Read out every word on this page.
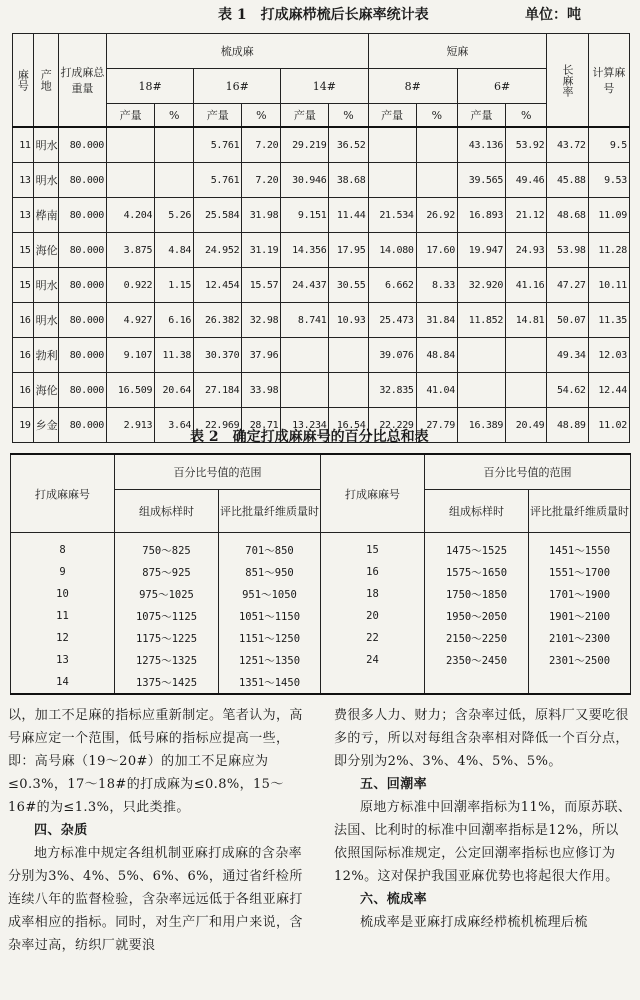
表 1　打成麻栉梳后长麻率统计表	单位：吨
麻号	产地	打成麻总重量	梳成麻						短麻				长麻率	计算麻号
			18#		16#		14#		8#		6#			
			产量	%	产量	%	产量	%	产量	%	产量	%		
11	明水	80.000			5.761	7.20	29.219	36.52			43.136	53.92	43.72	9.5
13	明水	80.000			5.761	7.20	30.946	38.68			39.565	49.46	45.88	9.53
13	桦南	80.000	4.204	5.26	25.584	31.98	9.151	11.44	21.534	26.92	16.893	21.12	48.68	11.09
15	海伦	80.000	3.875	4.84	24.952	31.19	14.356	17.95	14.080	17.60	19.947	24.93	53.98	11.28
15	明水	80.000	0.922	1.15	12.454	15.57	24.437	30.55	6.662	8.33	32.920	41.16	47.27	10.11
16	明水	80.000	4.927	6.16	26.382	32.98	8.741	10.93	25.473	31.84	11.852	14.81	50.07	11.35
16	勃利	80.000	9.107	11.38	30.370	37.96			39.076	48.84			49.34	12.03
16	海伦	80.000	16.509	20.64	27.184	33.98			32.835	41.04			54.62	12.44
19	乡金	80.000	2.913	3.64	22.969	28.71	13.234	16.54	22.229	27.79	16.389	20.49	48.89	11.02
表 2　确定打成麻麻号的百分比总和表
打成麻麻号	百分比号值的范围		打成麻麻号	百分比号值的范围	
	组成标样时	评比批量纤维质量时		组成标样时	评比批量纤维质量时
8	750～825	701～850	15	1475～1525	1451～1550
9	875～925	851～950	16	1575～1650	1551～1700
10	975～1025	951～1050	18	1750～1850	1701～1900
11	1075～1125	1051～1150	20	1950～2050	1901～2100
12	1175～1225	1151～1250	22	2150～2250	2101～2300
13	1275～1325	1251～1350	24	2350～2450	2301～2500
14	1375～1425	1351～1450			

以，加工不足麻的指标应重新制定。笔者认为，高号麻应定一个范围，低号麻的指标应提高一些，即：高号麻（19～20#）的加工不足麻应为≤0.3%，17～18#的打成麻为≤0.8%，15～16#的为≤1.3%，只此类推。

四、杂质

地方标准中规定各组机制亚麻打成麻的含杂率分别为3%、4%、5%、6%、6%，通过省纤检所连续八年的监督检验，含杂率远远低于各组亚麻打成率相应的指标。同时，对生产厂和用户来说，含杂率过高，纺织厂就要浪

费很多人力、财力；含杂率过低，原料厂又要吃很多的亏，所以对每组含杂率相对降低一个百分点，即分别为2%、3%、4%、5%、5%。

五、回潮率

原地方标准中回潮率指标为11%，而原苏联、法国、比利时的标准中回潮率指标是12%，所以依照国际标准规定，公定回潮率指标也应修订为12%。这对保护我国亚麻优势也将起很大作用。

六、梳成率

梳成率是亚麻打成麻经栉梳机梳理后梳
